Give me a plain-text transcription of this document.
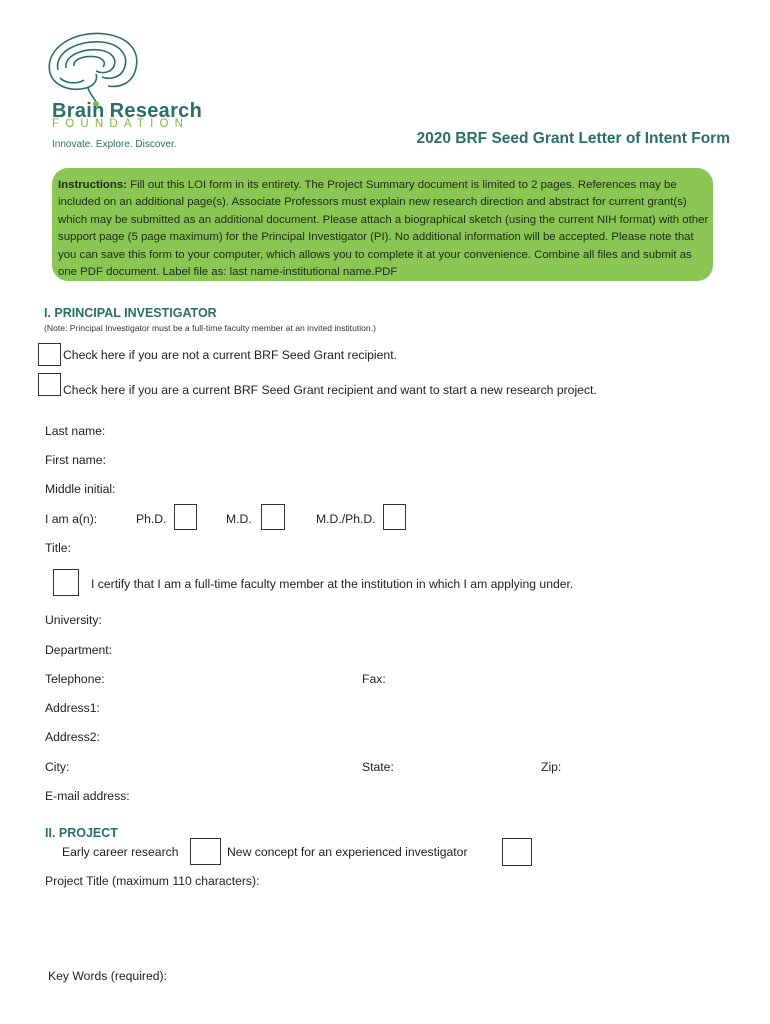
Brain Research
FOUNDATION
Innovate. Explore. Discover.	2020 BRF Seed Grant Letter of Intent Form
Instructions: Fill out this LOI form in its entirety. The Project Summary document is limited to 2 pages. References may be included on an additional page(s). Associate Professors must explain new research direction and abstract for current grant(s) which may be submitted as an additional document. Please attach a biographical sketch (using the current NIH format) with other support page (5 page maximum) for the Principal Investigator (PI). No additional information will be accepted. Please note that you can save this form to your computer, which allows you to complete it at your convenience. Combine all files and submit as one PDF document. Label file as: last name-institutional name.PDF
I. PRINCIPAL INVESTIGATOR
(Note: Principal Investigator must be a full-time faculty member at an invited institution.)
Check here if you are not a current BRF Seed Grant recipient.
Check here if you are a current BRF Seed Grant recipient and want to start a new research project.
Last name:
First name:
Middle initial:
I am a(n):	Ph.D.	M.D.	M.D./Ph.D.
Title:
I certify that I am a full-time faculty member at the institution in which I am applying under.
University:
Department:
Telephone:	Fax:
Address1:
Address2:
City:	State:	Zip:
E-mail address:
II. PROJECT
Early career research	New concept for an experienced investigator
Project Title (maximum 110 characters):
Key Words (required):
